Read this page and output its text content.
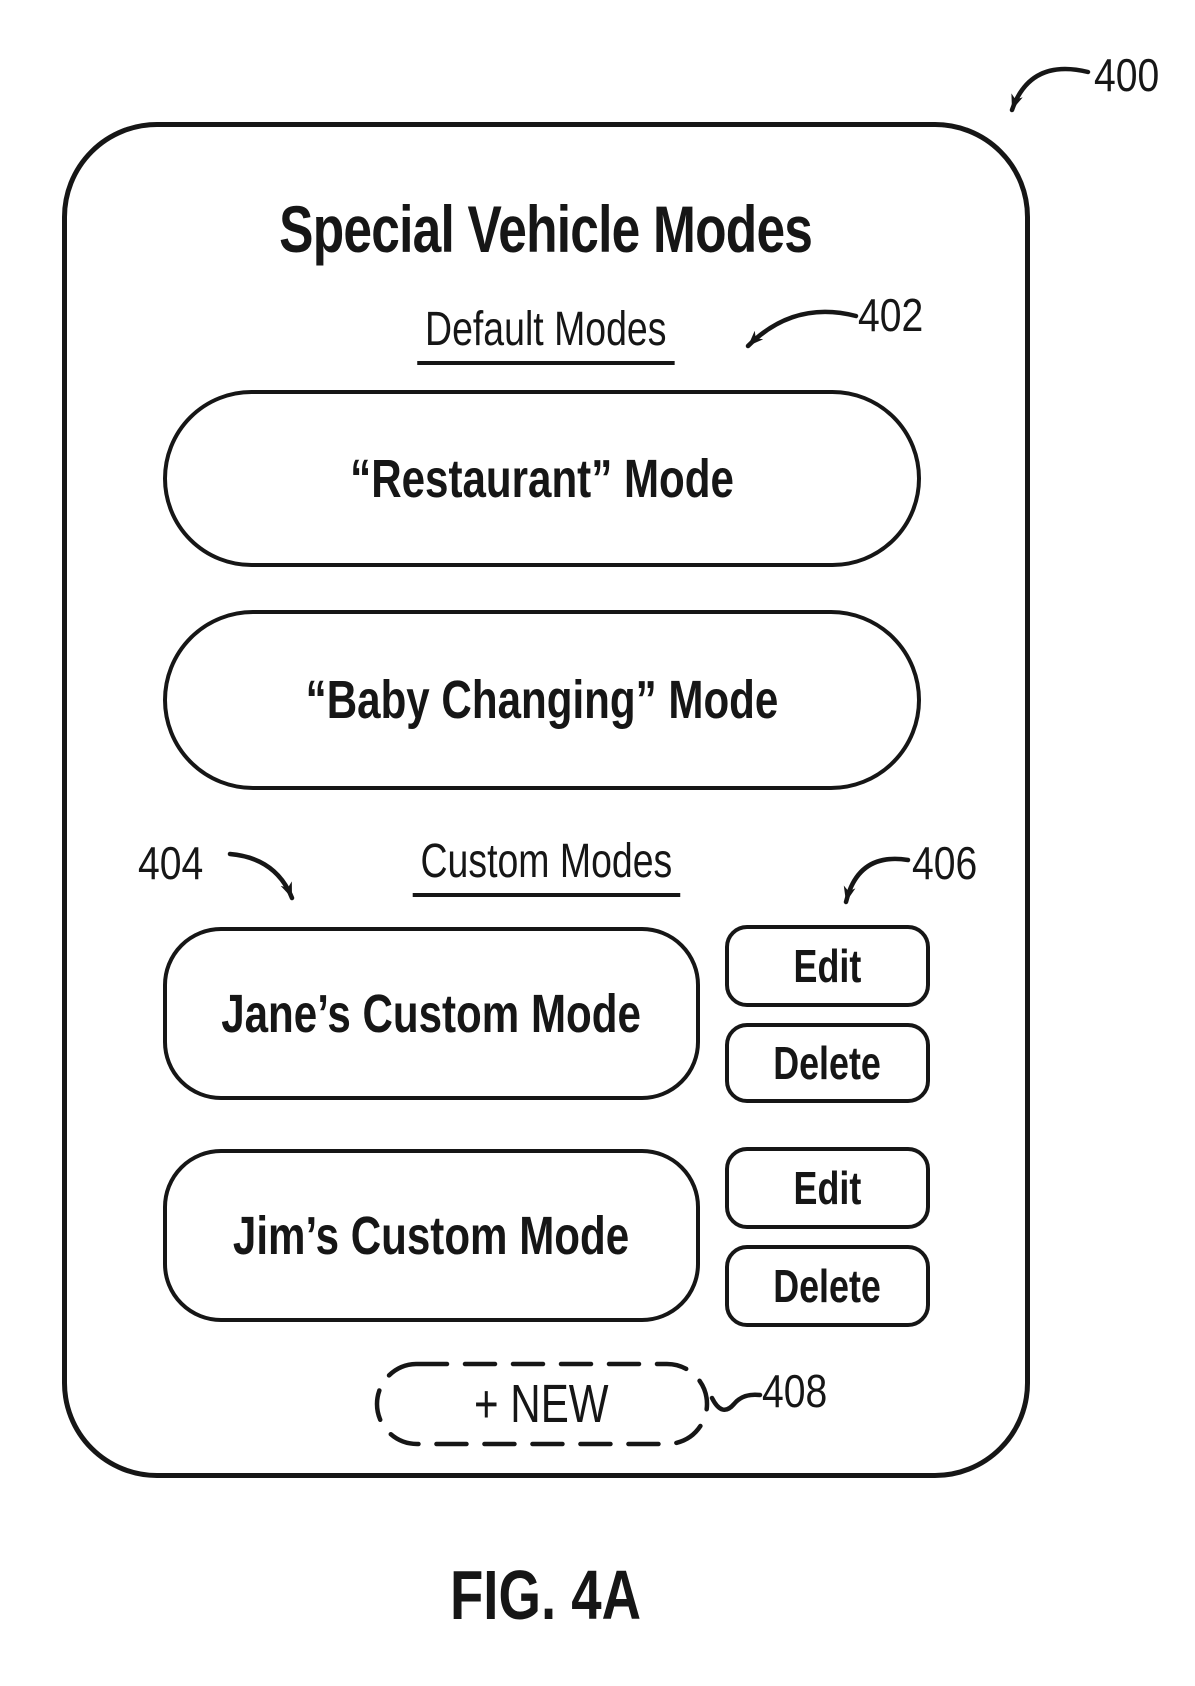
Special Vehicle Modes
Default Modes
“Restaurant” Mode
“Baby Changing” Mode
Custom Modes
Jane’s Custom Mode
Edit
Delete
Jim’s Custom Mode
Edit
Delete
+ NEW
400
402
404	406
408
FIG. 4A
